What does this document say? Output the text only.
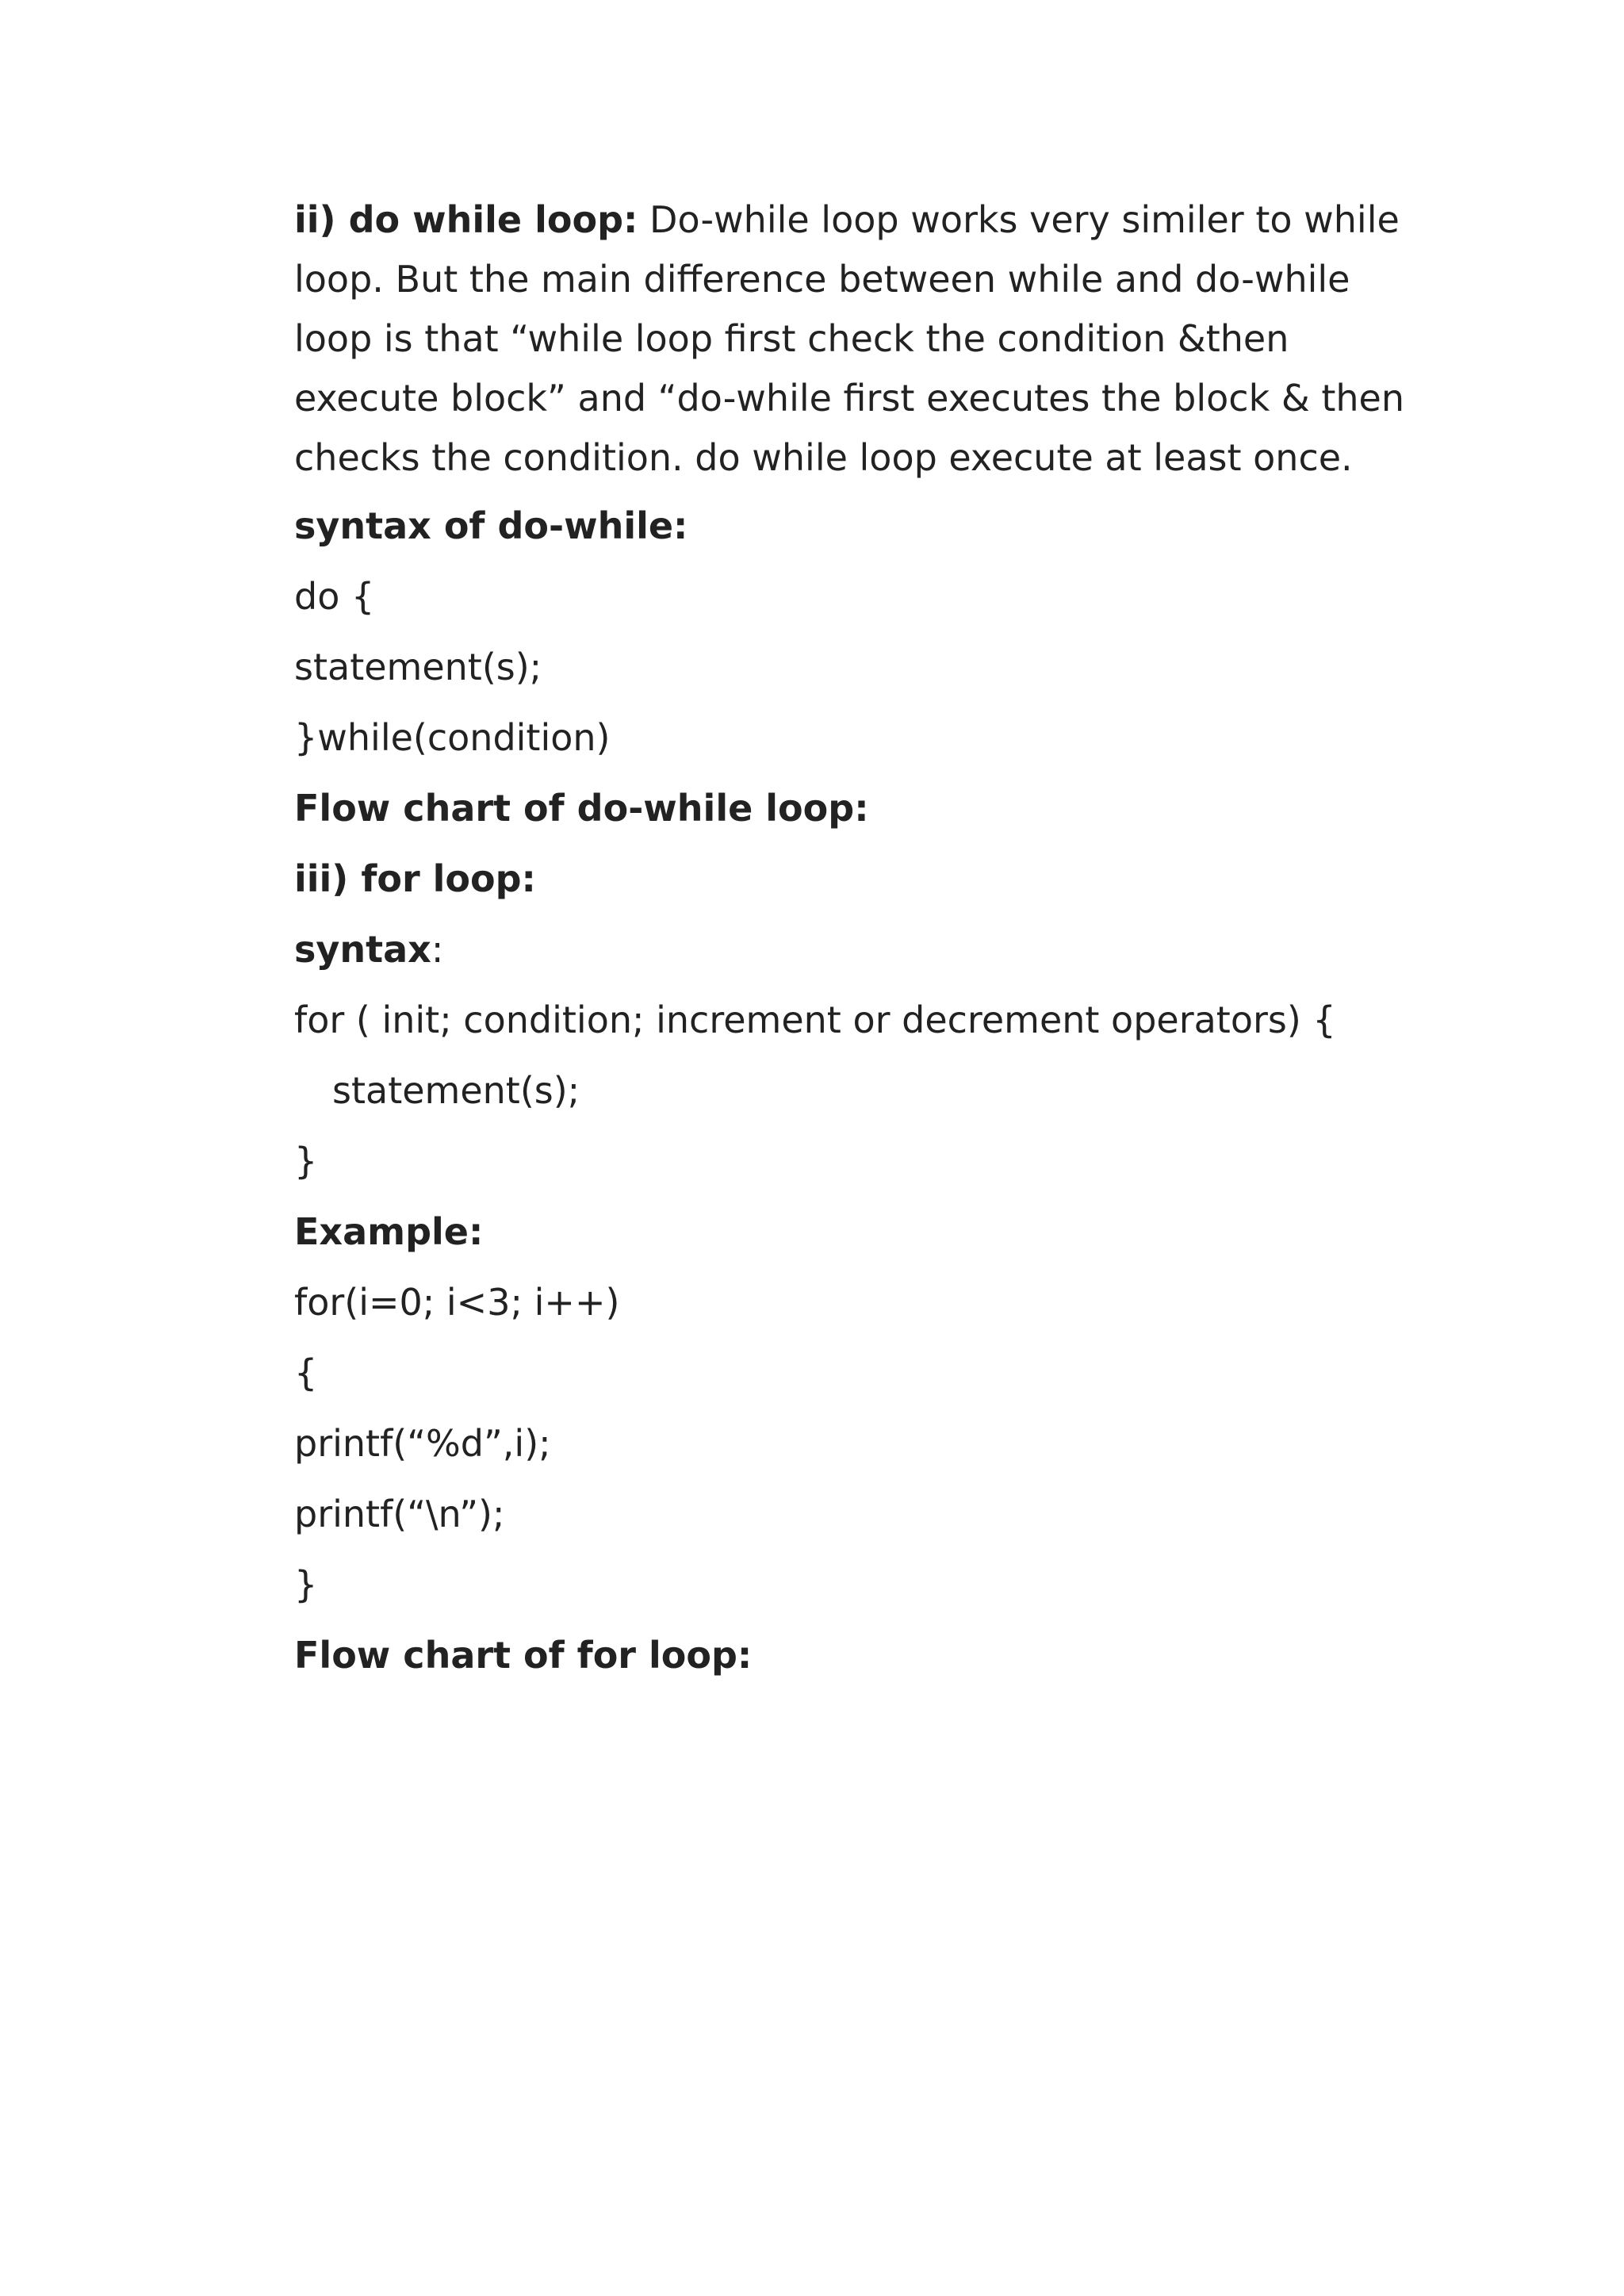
ii) do while loop: Do-while loop works very similer to while loop. But the main difference between while and do-while loop is that “while loop first check the condition &then execute block” and “do-while first executes the block & then checks the condition. do while loop execute at least once.

syntax of do-while:

do {

statement(s);

}while(condition)

Flow chart of do-while loop:

iii) for loop:

syntax:

for ( init; condition; increment or decrement operators) {

statement(s);

}

Example:

for(i=0; i<3; i++)

{

printf(“%d”,i);

printf(“\n”);

}

Flow chart of for loop:
